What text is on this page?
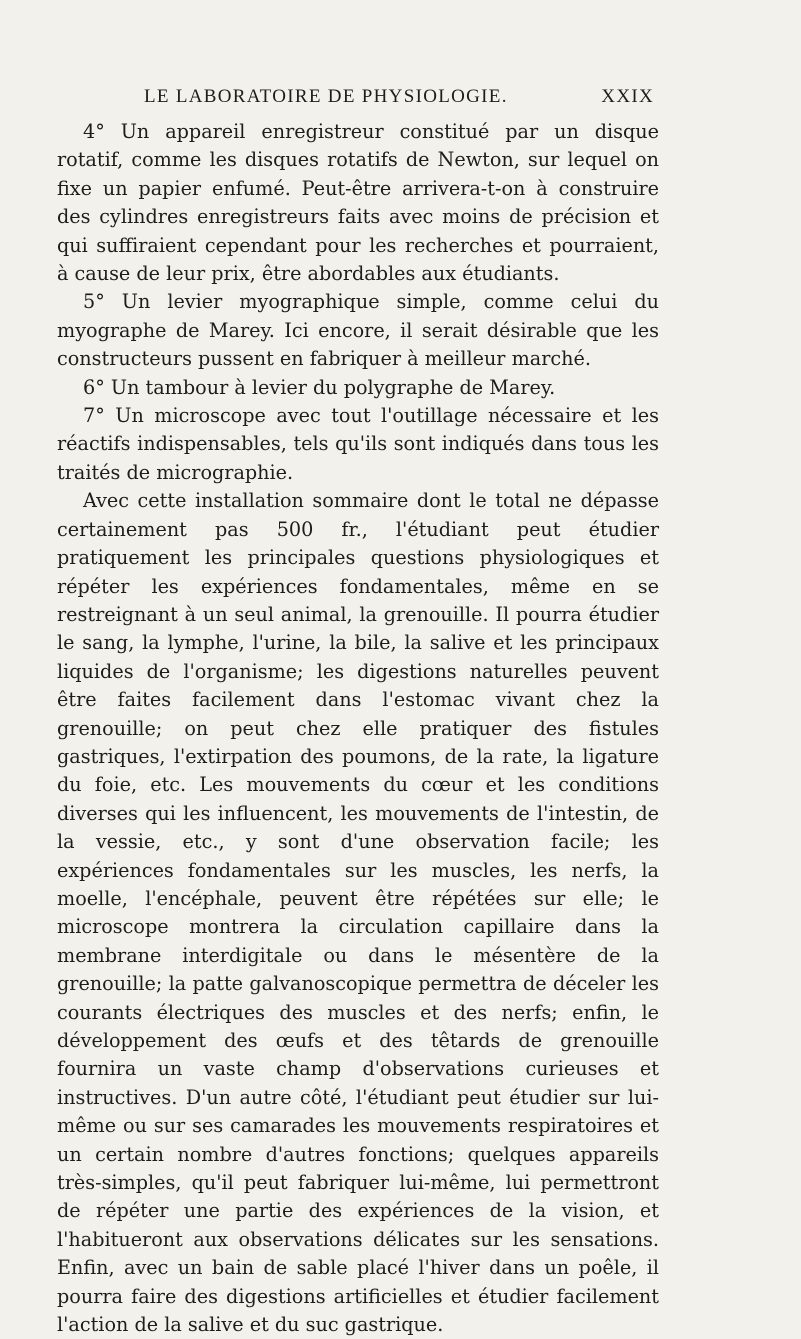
LE LABORATOIRE DE PHYSIOLOGIE.	XXIX

4° Un appareil enregistreur constitué par un disque rotatif, comme les disques rotatifs de Newton, sur lequel on fixe un papier enfumé. Peut-être arrivera-t-on à construire des cylindres enregistreurs faits avec moins de précision et qui suffiraient cependant pour les recherches et pourraient, à cause de leur prix, être abordables aux étudiants.

5° Un levier myographique simple, comme celui du myographe de Marey. Ici encore, il serait désirable que les constructeurs pussent en fabriquer à meilleur marché.

6° Un tambour à levier du polygraphe de Marey.

7° Un microscope avec tout l'outillage nécessaire et les réactifs indispensables, tels qu'ils sont indiqués dans tous les traités de micrographie.

Avec cette installation sommaire dont le total ne dépasse certainement pas 500 fr., l'étudiant peut étudier pratiquement les principales questions physiologiques et répéter les expériences fondamentales, même en se restreignant à un seul animal, la grenouille. Il pourra étudier le sang, la lymphe, l'urine, la bile, la salive et les principaux liquides de l'organisme; les digestions naturelles peuvent être faites facilement dans l'estomac vivant chez la grenouille; on peut chez elle pratiquer des fistules gastriques, l'extirpation des poumons, de la rate, la ligature du foie, etc. Les mouvements du cœur et les conditions diverses qui les influencent, les mouvements de l'intestin, de la vessie, etc., y sont d'une observation facile; les expériences fondamentales sur les muscles, les nerfs, la moelle, l'encéphale, peuvent être répétées sur elle; le microscope montrera la circulation capillaire dans la membrane interdigitale ou dans le mésentère de la grenouille; la patte galvanoscopique permettra de déceler les courants électriques des muscles et des nerfs; enfin, le développement des œufs et des têtards de grenouille fournira un vaste champ d'observations curieuses et instructives. D'un autre côté, l'étudiant peut étudier sur lui-même ou sur ses camarades les mouvements respiratoires et un certain nombre d'autres fonctions; quelques appareils très-simples, qu'il peut fabriquer lui-même, lui permettront de répéter une partie des expériences de la vision, et l'habitueront aux observations délicates sur les sensations. Enfin, avec un bain de sable placé l'hiver dans un poêle, il pourra faire des digestions artificielles et étudier facilement l'action de la salive et du suc gastrique.
